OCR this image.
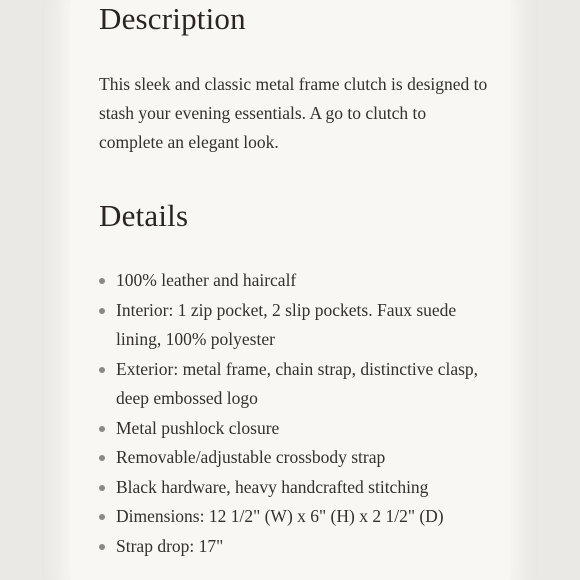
Description

This sleek and classic metal frame clutch is designed to stash your evening essentials. A go to clutch to complete an elegant look.

Details
100% leather and haircalf
Interior: 1 zip pocket, 2 slip pockets. Faux suede lining, 100% polyester
Exterior: metal frame, chain strap, distinctive clasp, deep embossed logo
Metal pushlock closure
Removable/adjustable crossbody strap
Black hardware, heavy handcrafted stitching
Dimensions: 12 1/2" (W) x 6" (H) x 2 1/2" (D)
Strap drop: 17"
